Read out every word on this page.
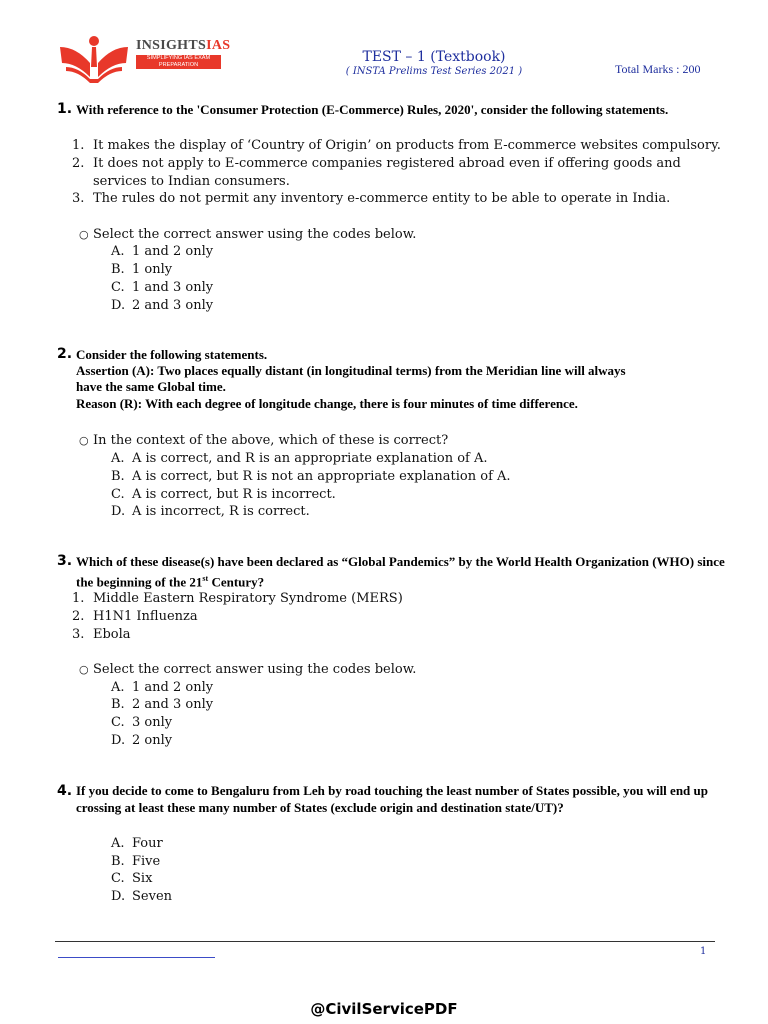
INSIGHTSIAS
SIMPLIFYING IAS EXAM PREPARATION	TEST – 1 (Textbook)
( INSTA Prelims Test Series 2021 )	Total Marks : 200
1. With reference to the 'Consumer Protection (E-Commerce) Rules, 2020', consider the following statements.
1. It makes the display of ‘Country of Origin’ on products from E-commerce websites compulsory.
2. It does not apply to E-commerce companies registered abroad even if offering goods and
services to Indian consumers.
3. The rules do not permit any inventory e-commerce entity to be able to operate in India.
○ Select the correct answer using the codes below.
A. 1 and 2 only
B. 1 only
C. 1 and 3 only
D. 2 and 3 only
2. Consider the following statements.
Assertion (A): Two places equally distant (in longitudinal terms) from the Meridian line will always
have the same Global time.
Reason (R): With each degree of longitude change, there is four minutes of time difference.
○ In the context of the above, which of these is correct?
A. A is correct, and R is an appropriate explanation of A.
B. A is correct, but R is not an appropriate explanation of A.
C. A is correct, but R is incorrect.
D. A is incorrect, R is correct.
3. Which of these disease(s) have been declared as “Global Pandemics” by the World Health Organization (WHO) since the beginning of the 21st Century?
1. Middle Eastern Respiratory Syndrome (MERS)
2. H1N1 Influenza
3. Ebola
○ Select the correct answer using the codes below.
A. 1 and 2 only
B. 2 and 3 only
C. 3 only
D. 2 only
4. If you decide to come to Bengaluru from Leh by road touching the least number of States possible, you will end up crossing at least these many number of States (exclude origin and destination state/UT)?
A. Four
B. Five
C. Six
D. Seven
1
@CivilServicePDF
